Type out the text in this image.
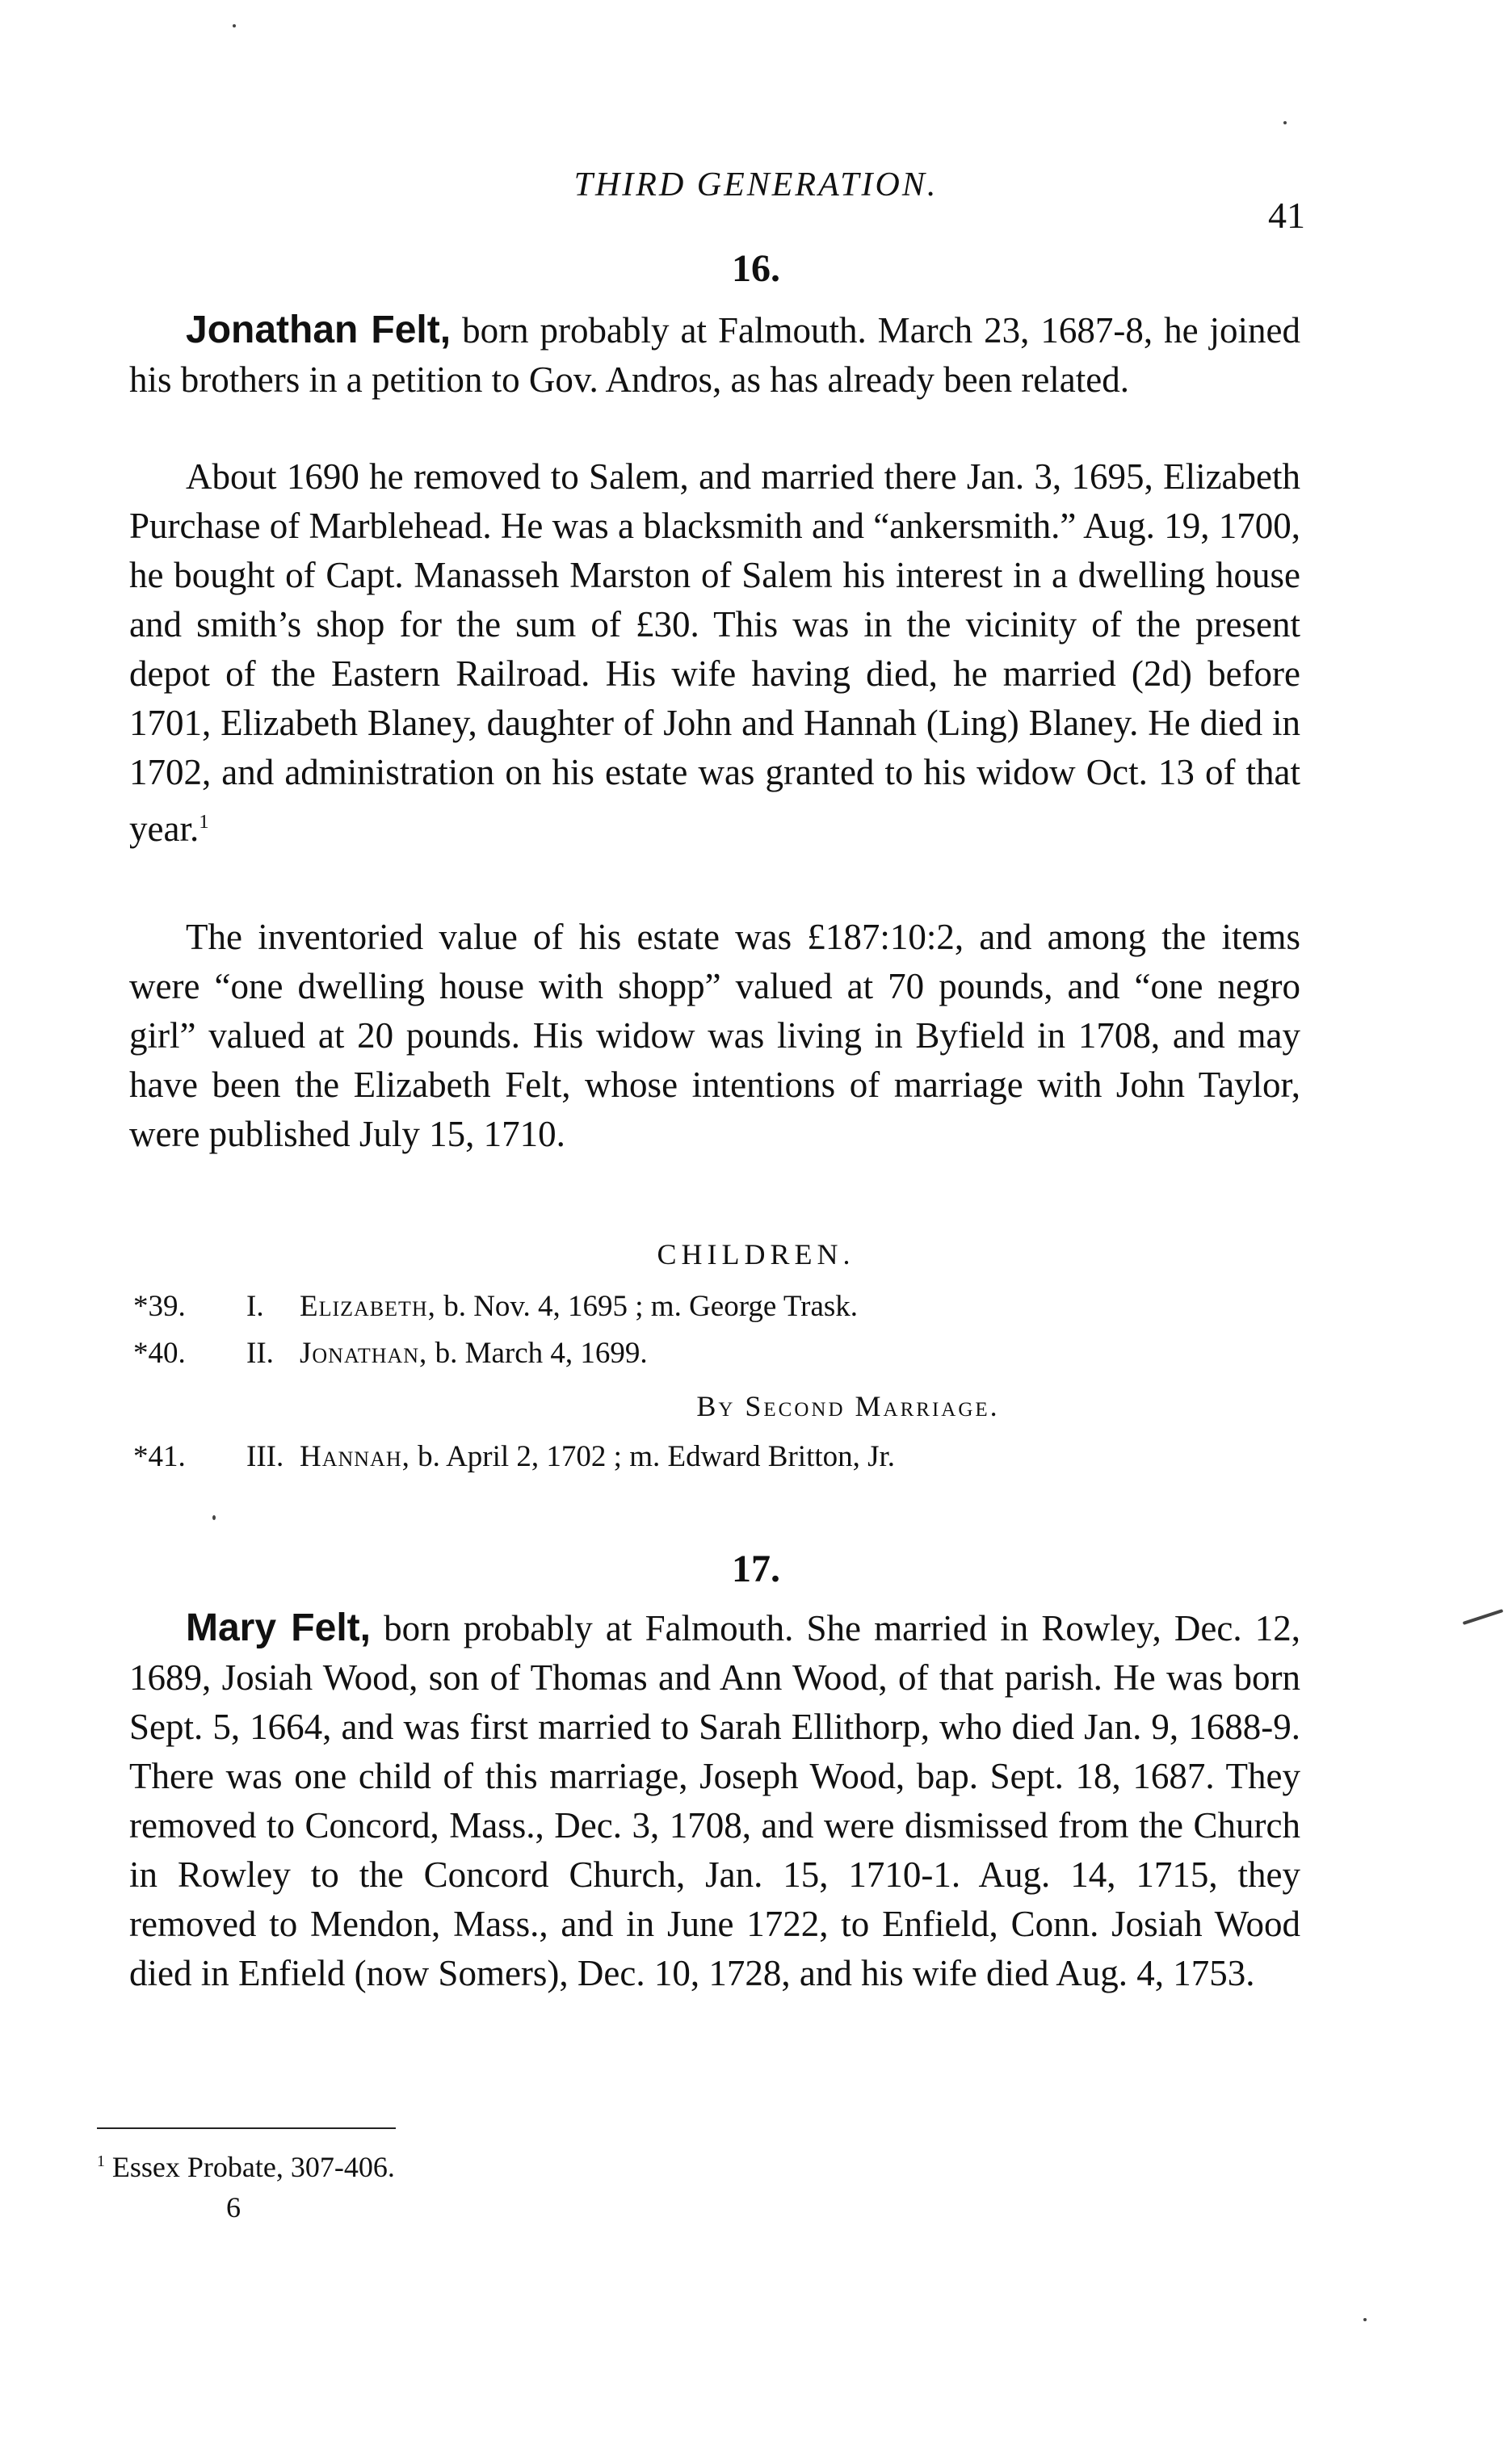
THIRD GENERATION.
41
16.
Jonathan Felt, born probably at Falmouth. March 23, 1687-8, he joined his brothers in a petition to Gov. Andros, as has already been related.
About 1690 he removed to Salem, and married there Jan. 3, 1695, Elizabeth Purchase of Marblehead. He was a blacksmith and “ankersmith.” Aug. 19, 1700, he bought of Capt. Manasseh Marston of Salem his interest in a dwelling house and smith’s shop for the sum of £30. This was in the vicinity of the present depot of the Eastern Railroad. His wife having died, he married (2d) before 1701, Elizabeth Blaney, daughter of John and Hannah (Ling) Blaney. He died in 1702, and administration on his estate was granted to his widow Oct. 13 of that year.$^1$
The inventoried value of his estate was £187:10:2, and among the items were “one dwelling house with shopp” valued at 70 pounds, and “one negro girl” valued at 20 pounds. His widow was living in Byfield in 1708, and may have been the Elizabeth Felt, whose intentions of marriage with John Taylor, were published July 15, 1710.
CHILDREN.
*39. I. Elizabeth, b. Nov. 4, 1695 ; m. George Trask.
*40. II. Jonathan, b. March 4, 1699.
By Second Marriage.
*41. III. Hannah, b. April 2, 1702 ; m. Edward Britton, Jr.
17.
Mary Felt, born probably at Falmouth. She married in Rowley, Dec. 12, 1689, Josiah Wood, son of Thomas and Ann Wood, of that parish. He was born Sept. 5, 1664, and was first married to Sarah Ellithorp, who died Jan. 9, 1688-9. There was one child of this marriage, Joseph Wood, bap. Sept. 18, 1687. They removed to Concord, Mass., Dec. 3, 1708, and were dismissed from the Church in Rowley to the Concord Church, Jan. 15, 1710-1. Aug. 14, 1715, they removed to Mendon, Mass., and in June 1722, to Enfield, Conn. Josiah Wood died in Enfield (now Somers), Dec. 10, 1728, and his wife died Aug. 4, 1753.
$^1$ Essex Probate, 307-406.
6
